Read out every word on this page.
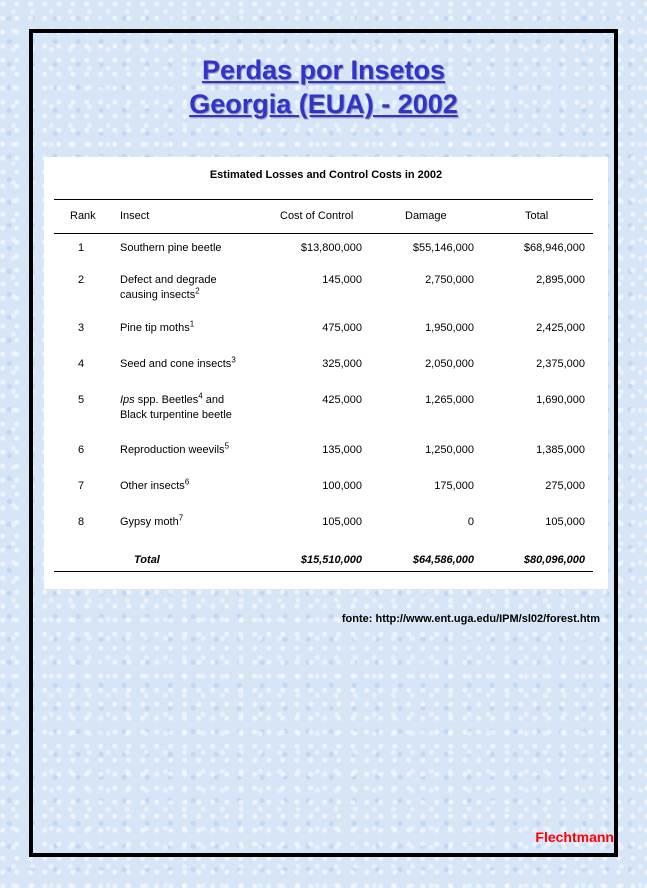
Perdas por Insetos
Georgia (EUA) - 2002
Estimated Losses and Control Costs in 2002
Rank Insect	Cost of Control	Damage	Total
1	Southern pine beetle	$13,800,000	$55,146,000	$68,946,000
2	Defect and degrade
causing insects$^2$
145,000	2,750,000	2,895,000
3	Pine tip moths$^1$	475,000	1,950,000	2,425,000
4	Seed and cone insects$^3$	325,000	2,050,000	2,375,000
5	Ips spp. Beetles$^4$ and
Black turpentine beetle
425,000	1,265,000	1,690,000
6	Reproduction weevils$^5$	135,000	1,250,000	1,385,000
7	Other insects$^6$	100,000	175,000	275,000
8	Gypsy moth$^7$	105,000	0	105,000
Total	$15,510,000	$64,586,000	$80,096,000
fonte: http://www.ent.uga.edu/IPM/sl02/forest.htm
Flechtmann
